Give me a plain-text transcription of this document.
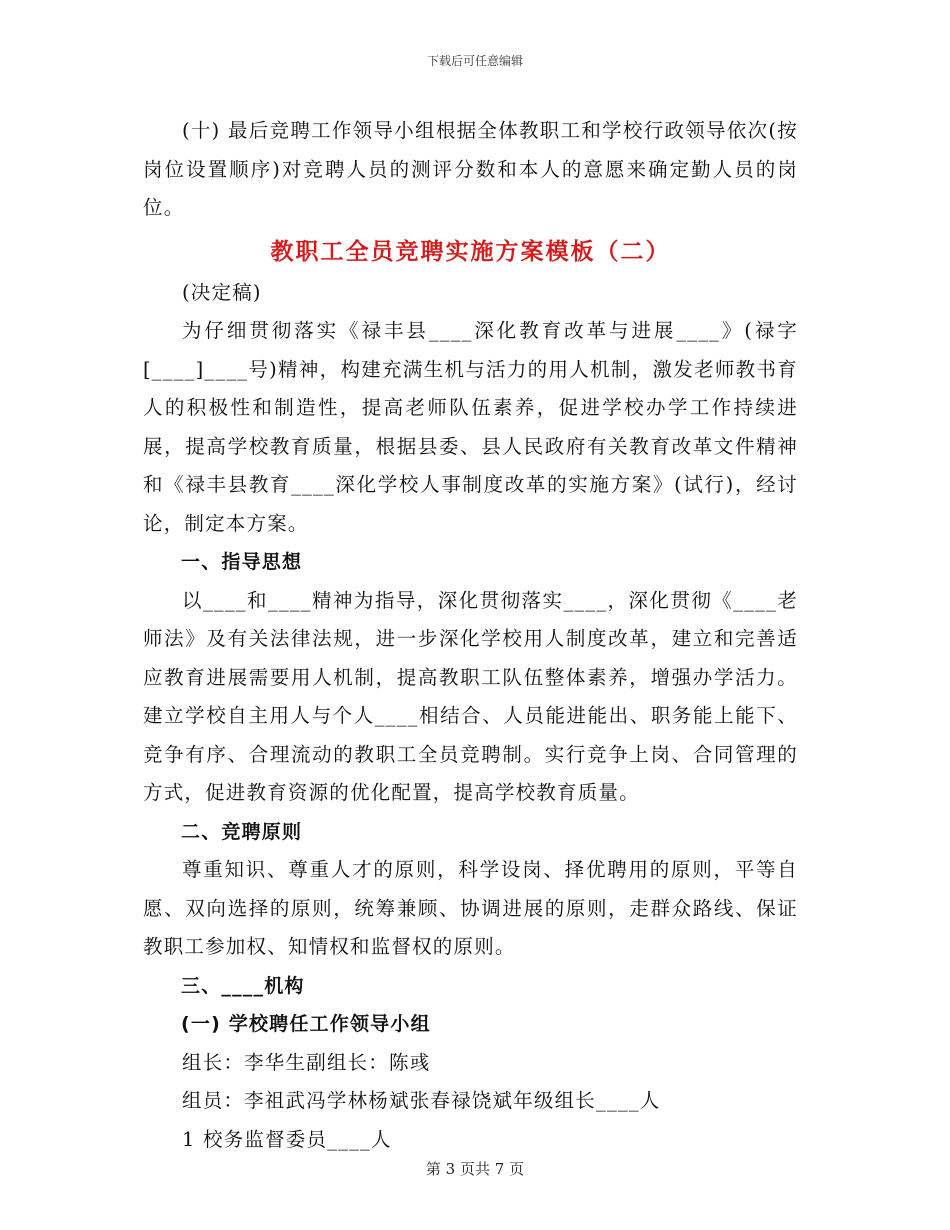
下载后可任意编辑

(十) 最后竞聘工作领导小组根据全体教职工和学校行政领导依次(按岗位设置顺序)对竞聘人员的测评分数和本人的意愿来确定勤人员的岗位。

教职工全员竞聘实施方案模板（二）

(决定稿)

为仔细贯彻落实《禄丰县____深化教育改革与进展____》(禄字[____]____号)精神，构建充满生机与活力的用人机制，激发老师教书育人的积极性和制造性，提高老师队伍素养，促进学校办学工作持续进展，提高学校教育质量，根据县委、县人民政府有关教育改革文件精神和《禄丰县教育____深化学校人事制度改革的实施方案》(试行)，经讨论，制定本方案。

一、指导思想

以____和____精神为指导，深化贯彻落实____，深化贯彻《____老师法》及有关法律法规，进一步深化学校用人制度改革，建立和完善适应教育进展需要用人机制，提高教职工队伍整体素养，增强办学活力。建立学校自主用人与个人____相结合、人员能进能出、职务能上能下、竞争有序、合理流动的教职工全员竞聘制。实行竞争上岗、合同管理的方式，促进教育资源的优化配置，提高学校教育质量。

二、竞聘原则

尊重知识、尊重人才的原则，科学设岗、择优聘用的原则，平等自愿、双向选择的原则，统筹兼顾、协调进展的原则，走群众路线、保证教职工参加权、知情权和监督权的原则。

三、____机构

(一) 学校聘任工作领导小组

组长：李华生副组长：陈彧

组员：李祖武冯学林杨斌张春禄饶斌年级组长____人

1 校务监督委员____人

第 3 页共 7 页
